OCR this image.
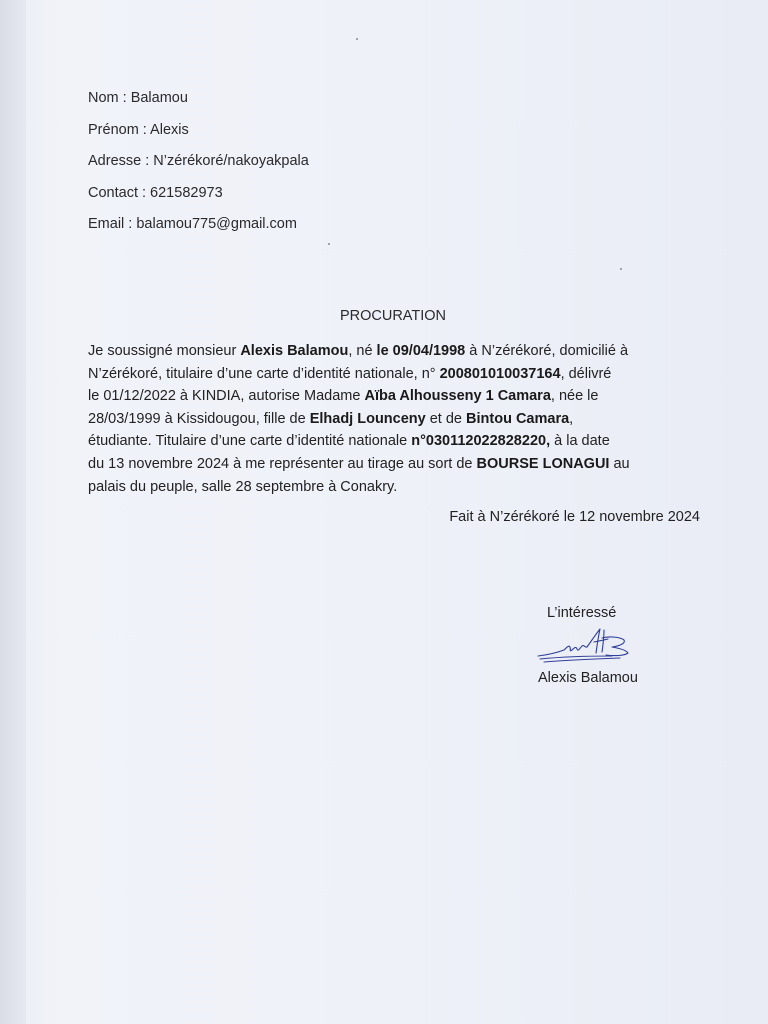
Nom : Balamou
Prénom : Alexis
Adresse : N’zérékoré/nakoyakpala
Contact : 621582973
Email : balamou775@gmail.com
PROCURATION
Je soussigné monsieur Alexis Balamou, né le 09/04/1998 à N’zérékoré, domicilié à
N’zérékoré, titulaire d’une carte d’identité nationale, n° 200801010037164, délivré
le 01/12/2022 à KINDIA, autorise Madame Aïba Alhousseny 1 Camara, née le
28/03/1999 à Kissidougou, fille de Elhadj Lounceny et de Bintou Camara,
étudiante. Titulaire d’une carte d’identité nationale n°030112022828220, à la date
du 13 novembre 2024 à me représenter au tirage au sort de BOURSE LONAGUI au
palais du peuple, salle 28 septembre à Conakry.
Fait à N’zérékoré le 12 novembre 2024
L’intéressé
Alexis Balamou
